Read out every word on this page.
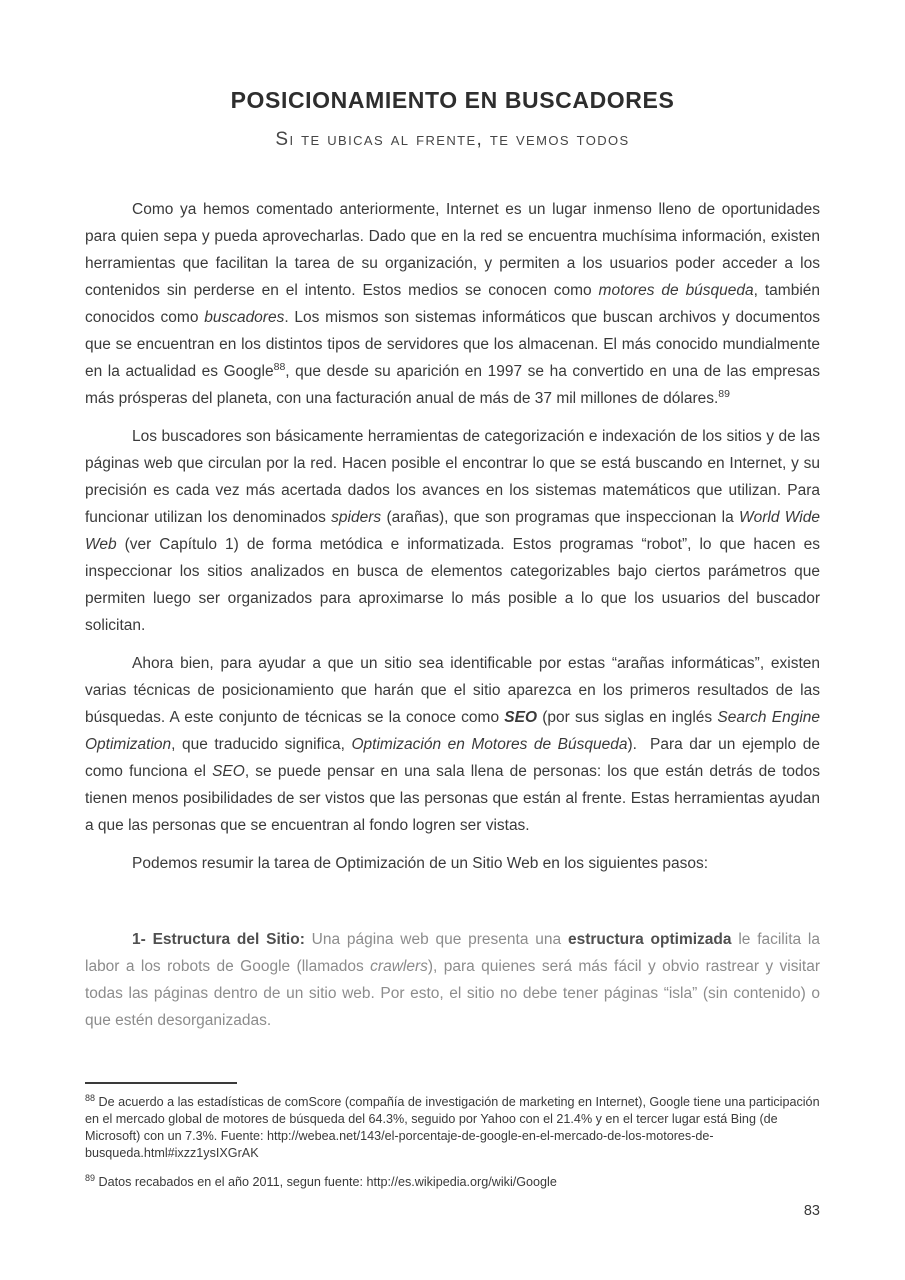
POSICIONAMIENTO EN BUSCADORES
Si te ubicas al frente, te vemos todos

Como ya hemos comentado anteriormente, Internet es un lugar inmenso lleno de oportunidades para quien sepa y pueda aprovecharlas. Dado que en la red se encuentra muchísima información, existen herramientas que facilitan la tarea de su organización, y permiten a los usuarios poder acceder a los contenidos sin perderse en el intento. Estos medios se conocen como motores de búsqueda, también conocidos como buscadores. Los mismos son sistemas informáticos que buscan archivos y documentos que se encuentran en los distintos tipos de servidores que los almacenan. El más conocido mundialmente en la actualidad es Google$^{88}$, que desde su aparición en 1997 se ha convertido en una de las empresas más prósperas del planeta, con una facturación anual de más de 37 mil millones de dólares.$^{89}$

Los buscadores son básicamente herramientas de categorización e indexación de los sitios y de las páginas web que circulan por la red. Hacen posible el encontrar lo que se está buscando en Internet, y su precisión es cada vez más acertada dados los avances en los sistemas matemáticos que utilizan. Para funcionar utilizan los denominados spiders (arañas), que son programas que inspeccionan la World Wide Web (ver Capítulo 1) de forma metódica e informatizada. Estos programas “robot”, lo que hacen es inspeccionar los sitios analizados en busca de elementos categorizables bajo ciertos parámetros que permiten luego ser organizados para aproximarse lo más posible a lo que los usuarios del buscador solicitan.

Ahora bien, para ayudar a que un sitio sea identificable por estas “arañas informáticas”, existen varias técnicas de posicionamiento que harán que el sitio aparezca en los primeros resultados de las búsquedas. A este conjunto de técnicas se la conoce como SEO (por sus siglas en inglés Search Engine Optimization, que traducido significa, Optimización en Motores de Búsqueda).  Para dar un ejemplo de como funciona el SEO, se puede pensar en una sala llena de personas: los que están detrás de todos tienen menos posibilidades de ser vistos que las personas que están al frente. Estas herramientas ayudan a que las personas que se encuentran al fondo logren ser vistas.

Podemos resumir la tarea de Optimización de un Sitio Web en los siguientes pasos:

1- Estructura del Sitio: Una página web que presenta una estructura optimizada le facilita la labor a los robots de Google (llamados crawlers), para quienes será más fácil y obvio rastrear y visitar todas las páginas dentro de un sitio web. Por esto, el sitio no debe tener páginas “isla” (sin contenido) o que estén desorganizadas.

$^{88}$ De acuerdo a las estadísticas de comScore (compañía de investigación de marketing en Internet), Google tiene una participación en el mercado global de motores de búsqueda del 64.3%, seguido por Yahoo con el 21.4% y en el tercer lugar está Bing (de Microsoft) con un 7.3%. Fuente: http://webea.net/143/el-porcentaje-de-google-en-el-mercado-de-los-motores-de-busqueda.html#ixzz1ysIXGrAK

$^{89}$ Datos recabados en el año 2011, segun fuente: http://es.wikipedia.org/wiki/Google

83
